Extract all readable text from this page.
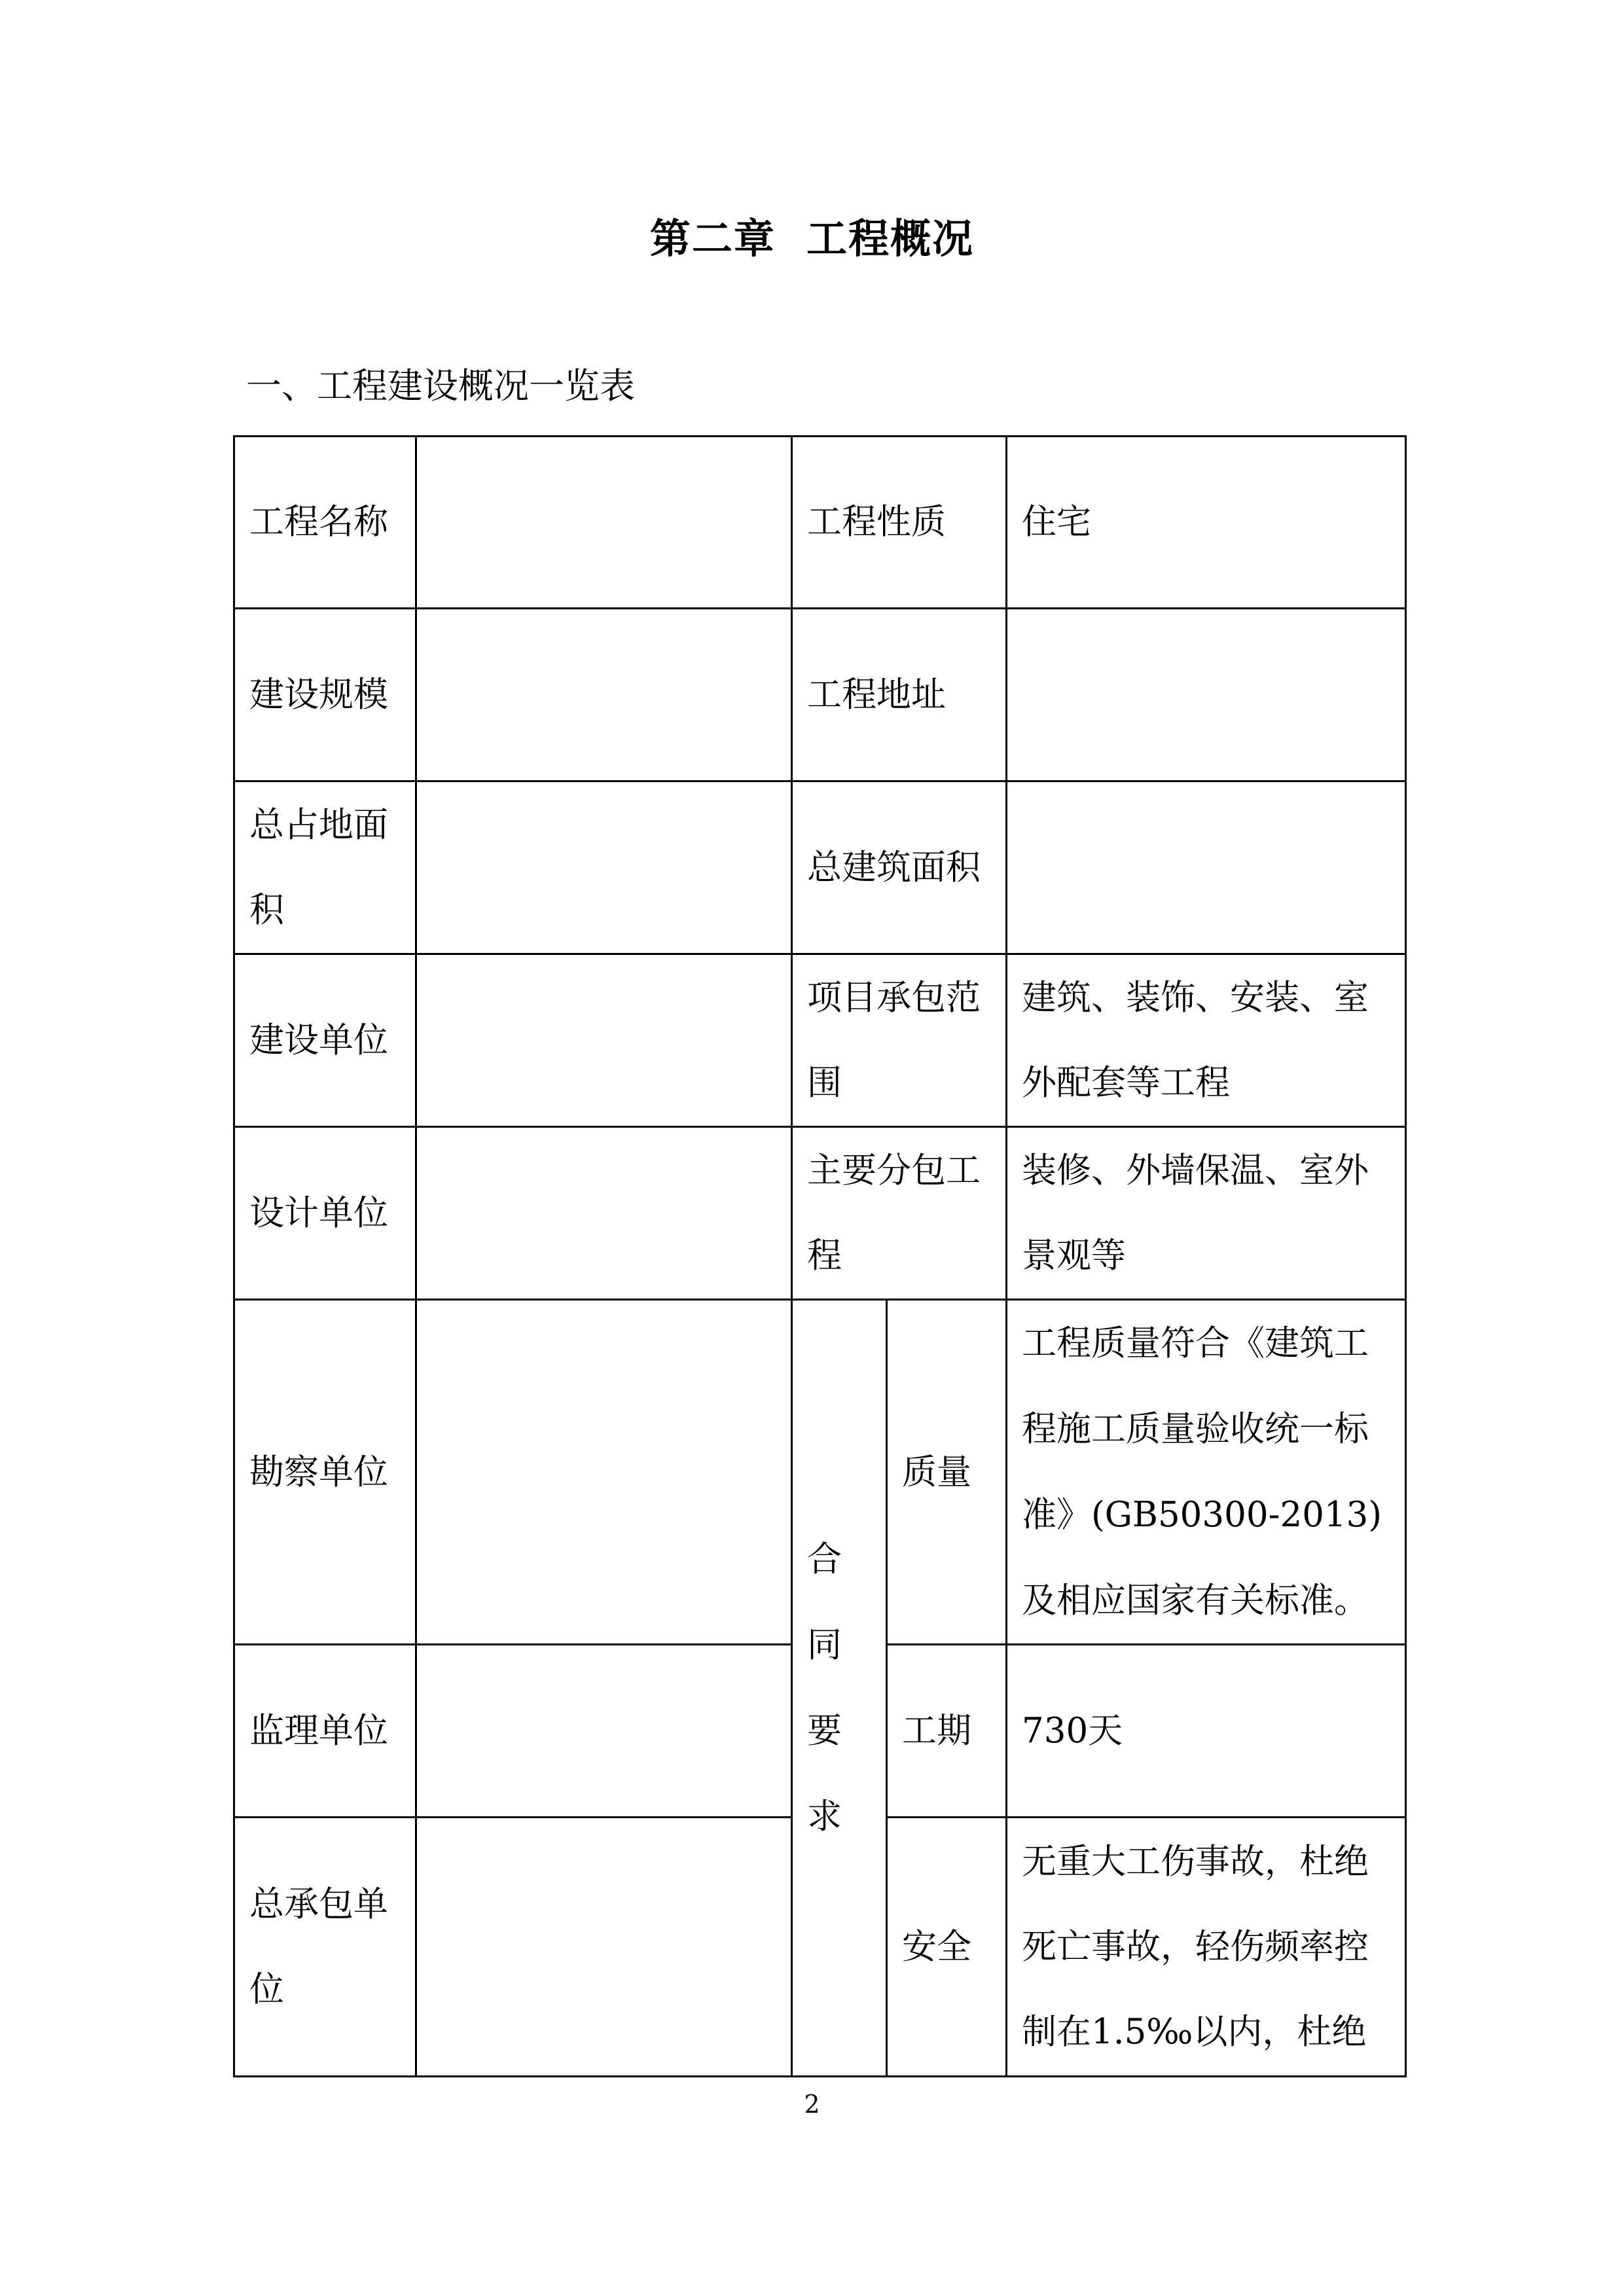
第二章  工程概况
一、工程建设概况一览表
工程名称		工程性质		住宅
建设规模		工程地址		
总占地面积		总建筑面积		
建设单位		项目承包范围		建筑、装饰、安装、室外配套等工程
设计单位		主要分包工程		装修、外墙保温、室外景观等
勘察单位		合同要求	质量	工程质量符合《建筑工程施工质量验收统一标准》(GB50300-2013)及相应国家有关标准。
监理单位			工期	730天
总承包单位			安全	无重大工伤事故，杜绝死亡事故，轻伤频率控制在1.5‰以内，杜绝
2
